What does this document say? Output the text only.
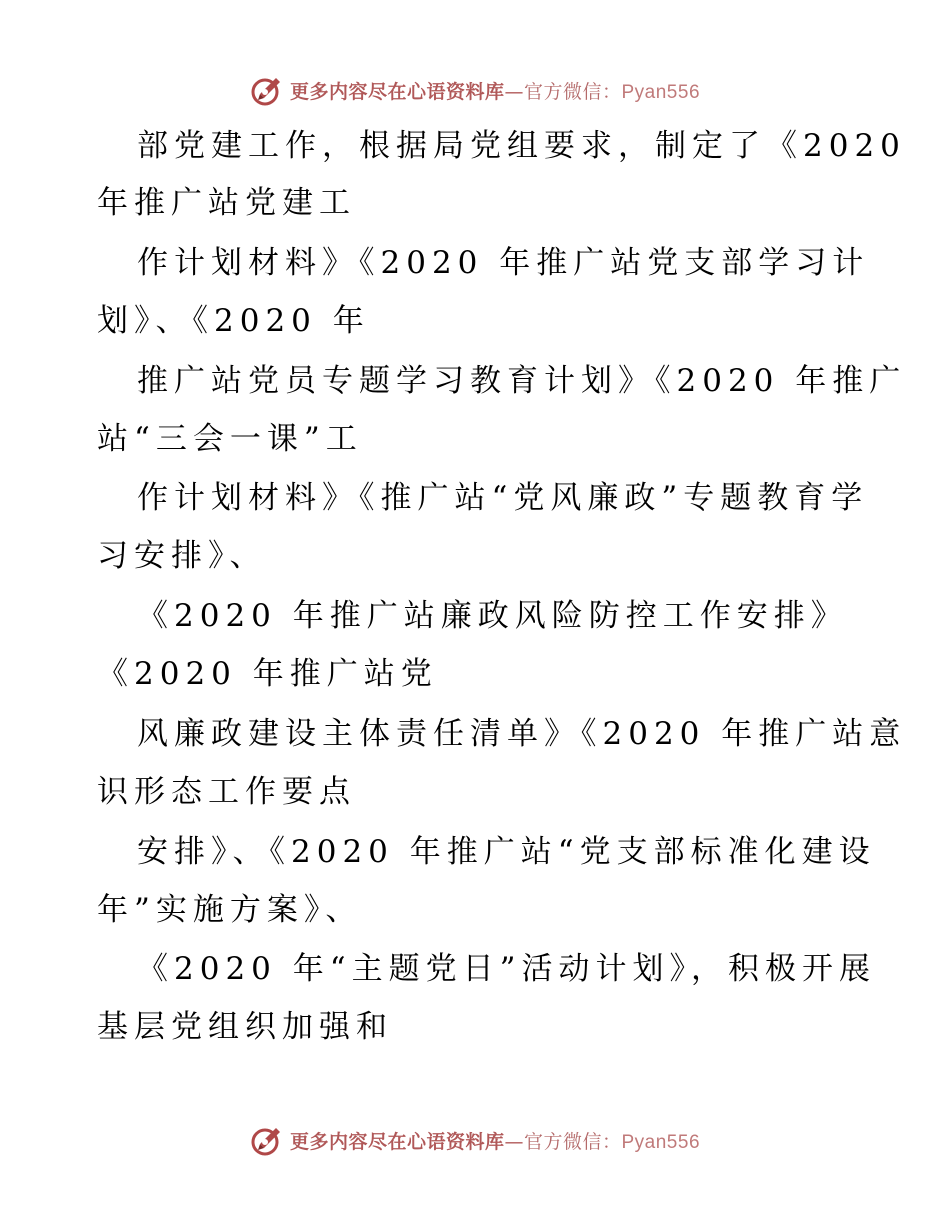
更多内容尽在心语资料库—官方微信：Pyan556
部党建工作，根据局党组要求，制定了《2020
年推广站党建工
作计划材料》《2020 年推广站党支部学习计
划》、《2020 年
推广站党员专题学习教育计划》《2020 年推广
站“三会一课”工
作计划材料》《推广站“党风廉政”专题教育学
习安排》、
《2020 年推广站廉政风险防控工作安排》
《2020 年推广站党
风廉政建设主体责任清单》《2020 年推广站意
识形态工作要点
安排》、《2020 年推广站“党支部标准化建设
年”实施方案》、
《2020 年“主题党日”活动计划》，积极开展
基层党组织加强和
更多内容尽在心语资料库—官方微信：Pyan556
